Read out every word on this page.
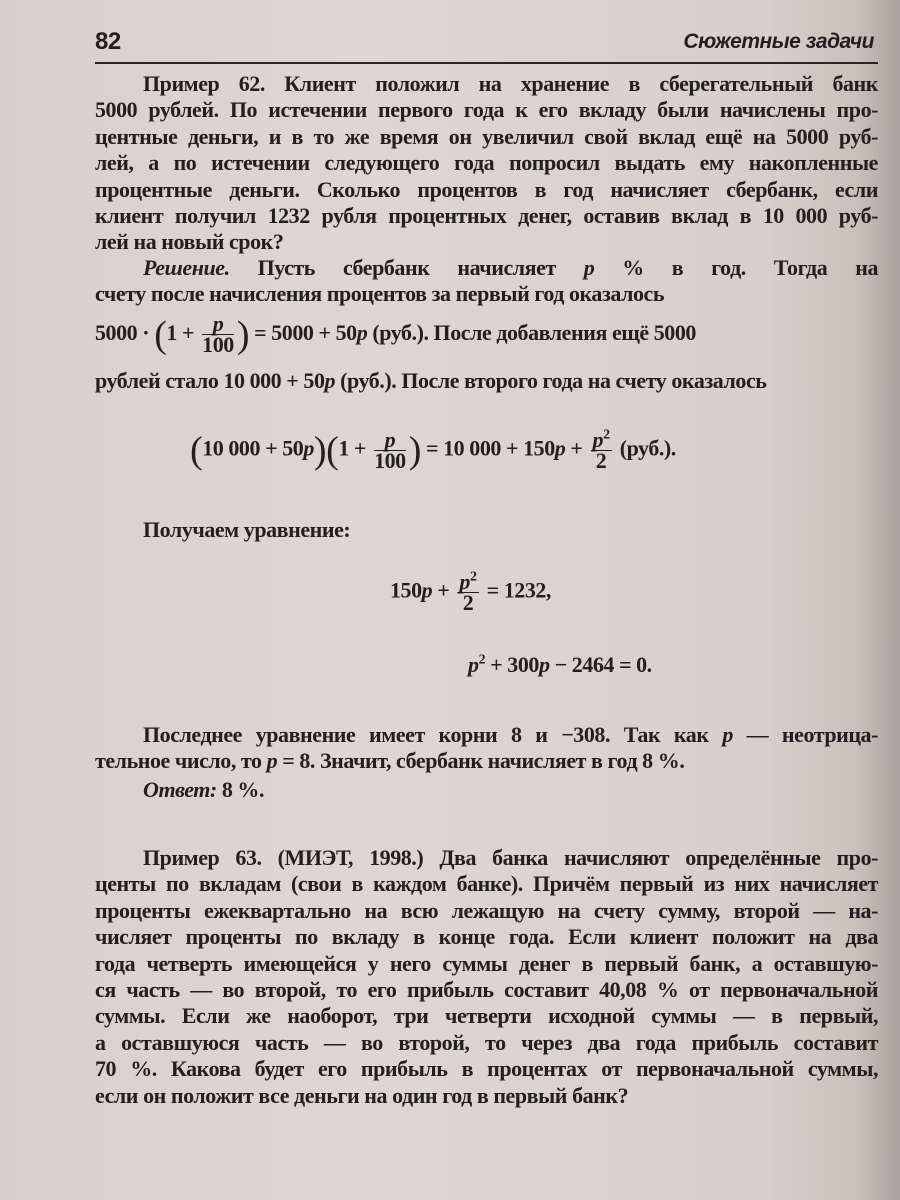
82	Сюжетные задачи
Пример 62. Клиент положил на хранение в сберегательный банк
5000 рублей. По истечении первого года к его вкладу были начислены про-
центные деньги, и в то же время он увеличил свой вклад ещё на 5000 руб-
лей, а по истечении следующего года попросил выдать ему накопленные
процентные деньги. Сколько процентов в год начисляет сбербанк, если
клиент получил 1232 рубля процентных денег, оставив вклад в 10 000 руб-
лей на новый срок?
Решение. Пусть сбербанк начисляет p % в год. Тогда на
счету после начисления процентов за первый год оказалось
$5000 \cdot (1 + \frac{p}{100}$ ) = 5000 + 50p (руб.). После добавления ещё 5000
рублей стало 10 000 + 50p (руб.). После второго года на счету оказалось
(10 $000 + 50p)(1 + \frac{p}{100}$ ) = 10 $000 + 150p + \frac{p^2}{2} (руб.)$.
Получаем уравнение:
$150p + \frac{p^2}{2} = 1232$,
$p^2 + 300p - 2464 = 0$.
Последнее уравнение имеет корни 8 и −308. Так как p — неотрица-
тельное число, то p = 8. Значит, сбербанк начисляет в год 8 %.
Ответ: 8 %.
Пример 63. (МИЭТ, 1998.) Два банка начисляют определённые про-
центы по вкладам (свои в каждом банке). Причём первый из них начисляет
проценты ежеквартально на всю лежащую на счету сумму, второй — на-
числяет проценты по вкладу в конце года. Если клиент положит на два
года четверть имеющейся у него суммы денег в первый банк, а оставшую-
ся часть — во второй, то его прибыль составит 40,08 % от первоначальной
суммы. Если же наоборот, три четверти исходной суммы — в первый,
а оставшуюся часть — во второй, то через два года прибыль составит
70 %. Какова будет его прибыль в процентах от первоначальной суммы,
если он положит все деньги на один год в первый банк?
